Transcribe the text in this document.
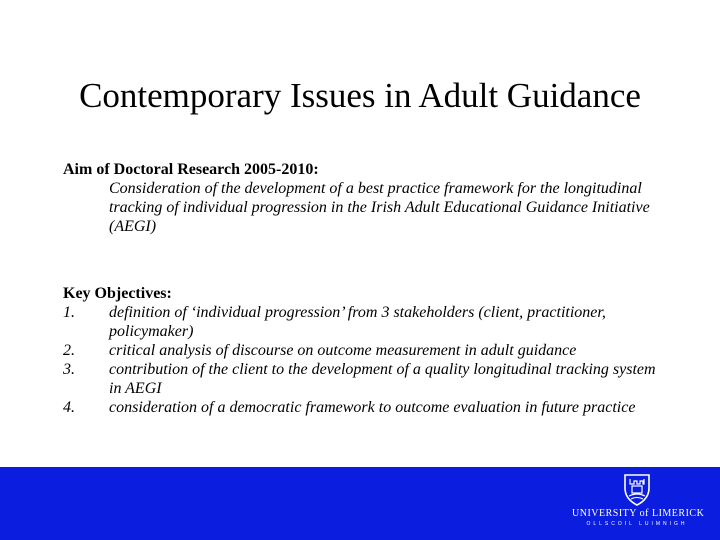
Contemporary Issues in Adult Guidance
Aim of Doctoral Research 2005-2010:
Consideration of the development of a best practice framework for the longitudinal tracking of individual progression in the Irish Adult Educational Guidance Initiative (AEGI)
Key Objectives:
1.	definition of ‘individual progression’ from 3 stakeholders (client, practitioner, policymaker)
2.	critical analysis of discourse on outcome measurement in adult guidance
3.	contribution of the client to the development of a quality longitudinal tracking system in AEGI
4.	consideration of a democratic framework to outcome evaluation in future practice
UNIVERSITY of LIMERICK
OLLSCOIL LUIMNIGH
